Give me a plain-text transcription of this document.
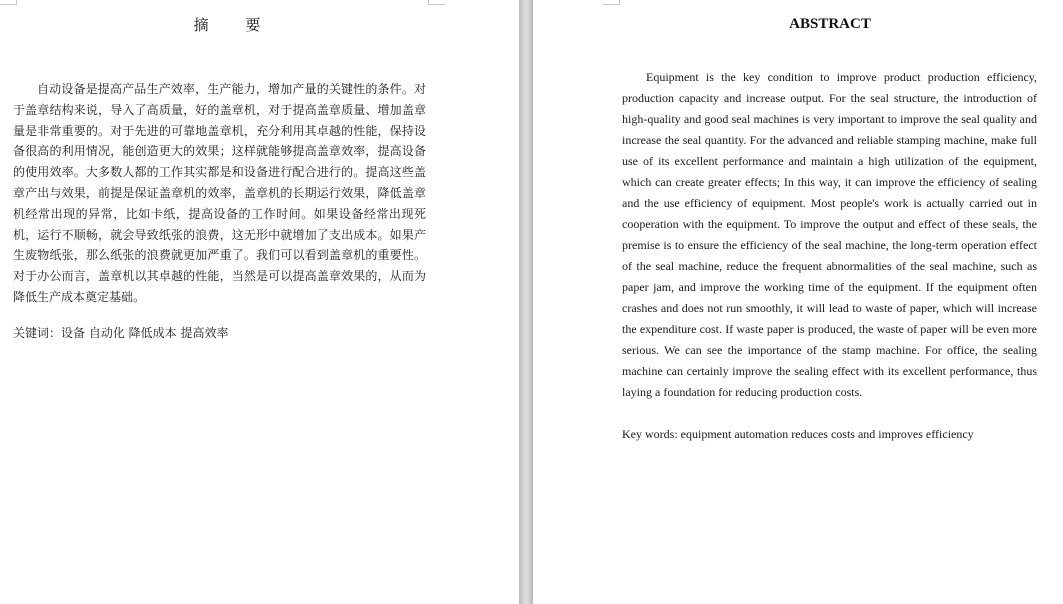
摘 要

自动设备是提高产品生产效率，生产能力，增加产量的关键性的条件。对于盖章结构来说，导入了高质量，好的盖章机，对于提高盖章质量、增加盖章量是非常重要的。对于先进的可靠地盖章机，充分利用其卓越的性能，保持设备很高的利用情况，能创造更大的效果；这样就能够提高盖章效率，提高设备的使用效率。大多数人都的工作其实都是和设备进行配合进行的。提高这些盖章产出与效果，前提是保证盖章机的效率，盖章机的长期运行效果，降低盖章机经常出现的异常，比如卡纸，提高设备的工作时间。如果设备经常出现死机，运行不顺畅，就会导致纸张的浪费，这无形中就增加了支出成本。如果产生废物纸张，那么纸张的浪费就更加严重了。我们可以看到盖章机的重要性。对于办公而言，盖章机以其卓越的性能，当然是可以提高盖章效果的，从而为降低生产成本奠定基础。

关键词：设备 自动化 降低成本 提高效率

ABSTRACT

Equipment is the key condition to improve product production efficiency, production capacity and increase output. For the seal structure, the introduction of high-quality and good seal machines is very important to improve the seal quality and increase the seal quantity. For the advanced and reliable stamping machine, make full use of its excellent performance and maintain a high utilization of the equipment, which can create greater effects; In this way, it can improve the efficiency of sealing and the use efficiency of equipment. Most people's work is actually carried out in cooperation with the equipment. To improve the output and effect of these seals, the premise is to ensure the efficiency of the seal machine, the long-term operation effect of the seal machine, reduce the frequent abnormalities of the seal machine, such as paper jam, and improve the working time of the equipment. If the equipment often crashes and does not run smoothly, it will lead to waste of paper, which will increase the expenditure cost. If waste paper is produced, the waste of paper will be even more serious. We can see the importance of the stamp machine. For office, the sealing machine can certainly improve the sealing effect with its excellent performance, thus laying a foundation for reducing production costs.

Key words: equipment automation reduces costs and improves efficiency
